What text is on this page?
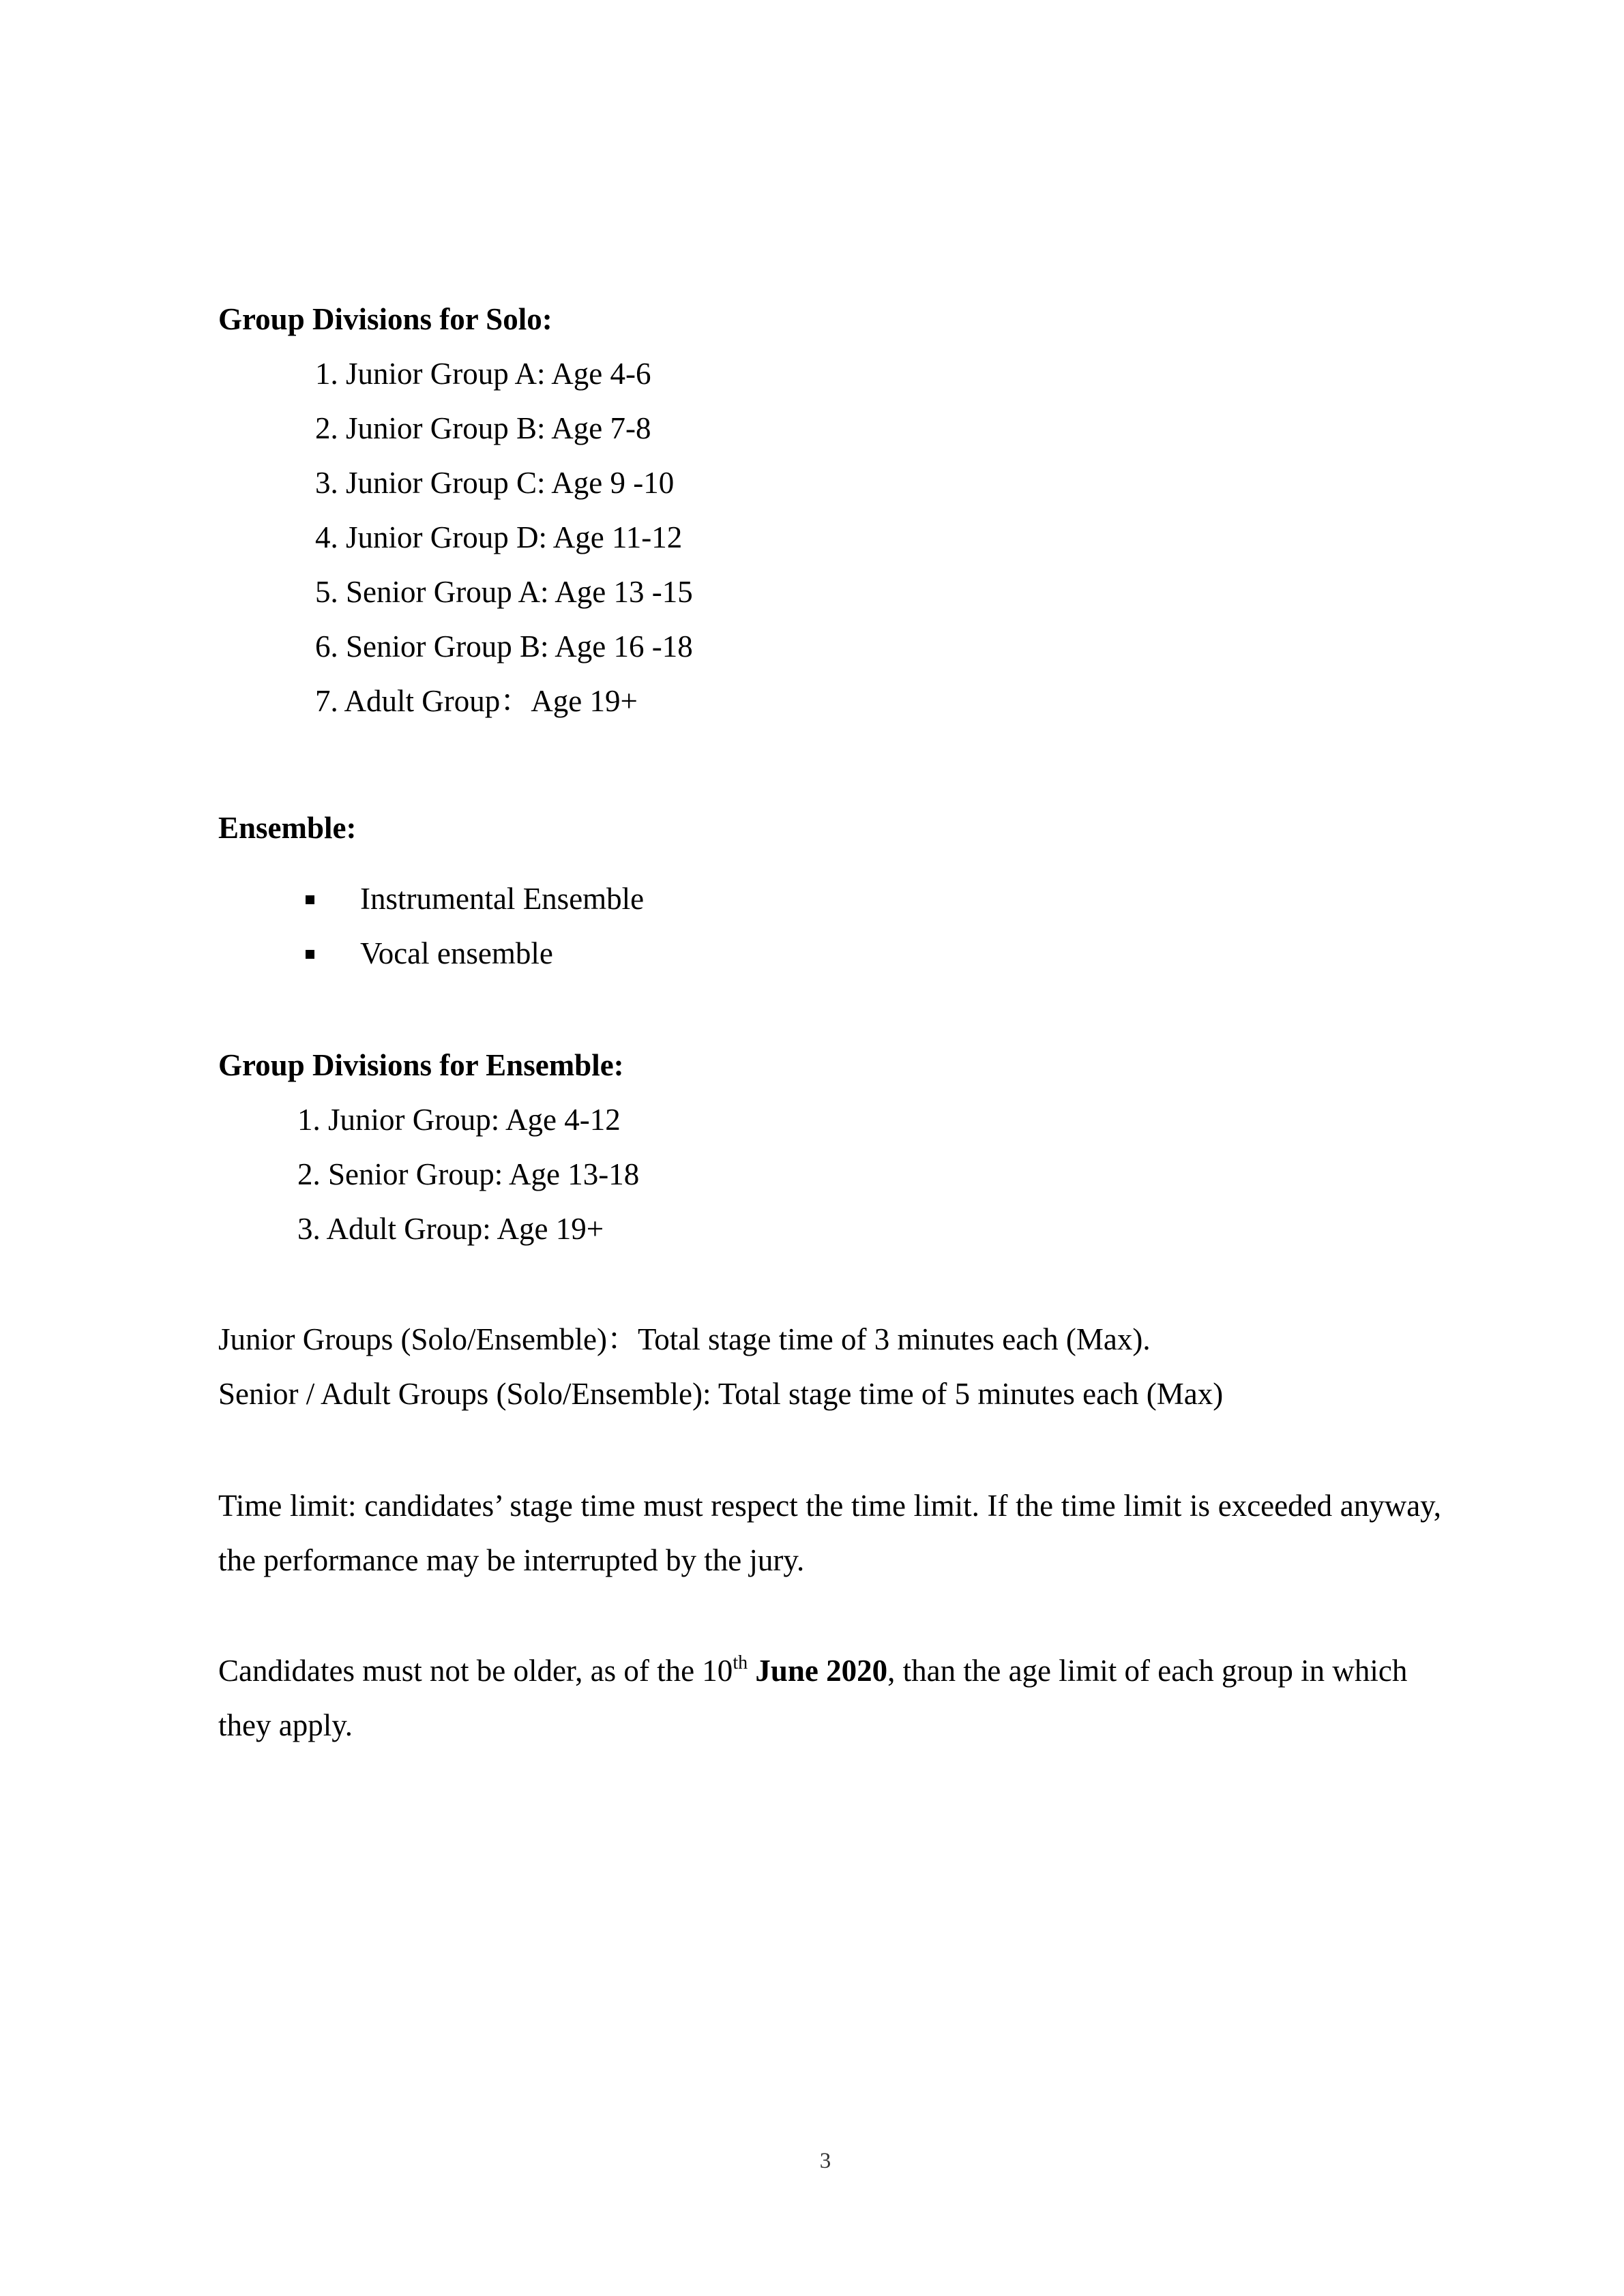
Group Divisions for Solo:
1. Junior Group A: Age 4-6
2. Junior Group B: Age 7-8
3. Junior Group C: Age 9 -10
4. Junior Group D: Age 11-12
5. Senior Group A: Age 13 -15
6. Senior Group B: Age 16 -18
7. Adult Group：Age 19+
Ensemble:
Instrumental Ensemble
Vocal ensemble
Group Divisions for Ensemble:
1. Junior Group: Age 4-12
2. Senior Group: Age 13-18
3. Adult Group: Age 19+
Junior Groups (Solo/Ensemble)：Total stage time of 3 minutes each (Max).
Senior / Adult Groups (Solo/Ensemble): Total stage time of 5 minutes each (Max)
Time limit: candidates’ stage time must respect the time limit. If the time limit is exceeded anyway, the performance may be interrupted by the jury.
Candidates must not be older, as of the 10th June 2020, than the age limit of each group in which they apply.
3
